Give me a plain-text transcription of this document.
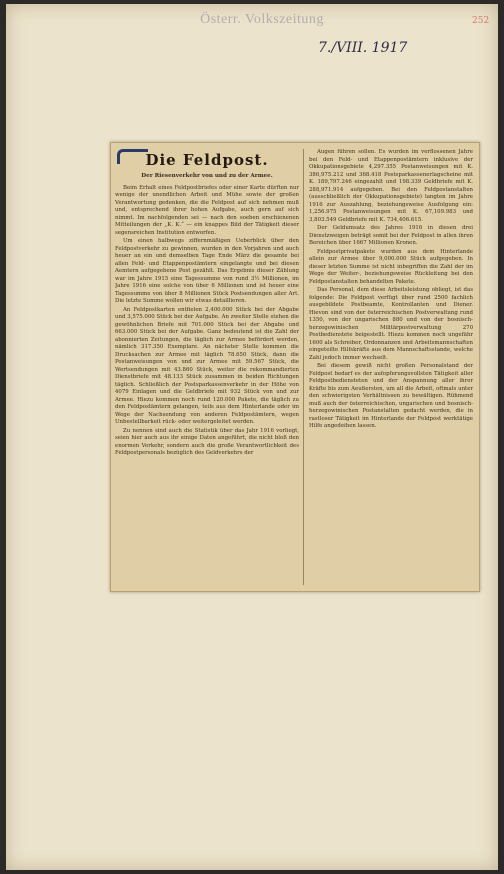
Österr. Volkszeitung	252
7./VIII. 1917
Die Feldpost.
Der Riesenverkehr von und zu der Armee.

Beim Erhalt eines Feldpostbriefes oder einer Karte dürften nur wenige der unendlichen Arbeit und Mühe sowie der großen Verantwortung gedenken, die die Feldpost auf sich nehmen muß und, entsprechend ihrer hohen Aufgabe, auch gern auf sich nimmt. Im nachfolgenden sei — nach den soeben erschienenen Mitteilungen der „K. K.“ — ein knappes Bild der Tätigkeit dieser segensreichen Institution entworfen.

Um einen halbwegs ziffernmäßigen Ueberblick über den Feldpostverkehr zu gewinnen, wurden in den Vorjahren und auch heuer an ein und demselben Tage Ende März die gesamte bei allen Feld- und Etappenpostämtern eingelangte und bei diesen Aemtern aufgegebene Post gezählt. Das Ergebnis dieser Zählung war im Jahre 1915 eine Tagessumme von rund 3½ Millionen, im Jahre 1916 eine solche von über 6 Millionen und ist heuer eine Tagessumme von über 8 Millionen Stück Postsendungen aller Art. Die letzte Summe wollen wir etwas detaillieren.

An Feldpostkarten entfielen 2,400.000 Stück bei der Abgabe und 3,575.000 Stück bei der Aufgabe. An zweiter Stelle stehen die gewöhnlichen Briefe mit 701.000 Stück bei der Abgabe und 663.000 Stück bei der Aufgabe. Ganz bedeutend ist die Zahl der abonnierten Zeitungen, die täglich zur Armee befördert werden, nämlich 317.350 Exemplare. An nächster Stelle kommen die Drucksachen zur Armee mit täglich 78.650 Stück, dann die Postanweisungen von und zur Armee mit 59.567 Stück, die Wertsendungen mit 43.860 Stück, weiter die rekommandierten Dienstbriefe mit 48.133 Stück zusammen in beiden Richtungen täglich. Schließlich der Postsparkassenverkehr in der Höhe von 4079 Einlagen und die Geldbriefe mit 932 Stück von und zur Armee. Hiezu kommen noch rund 120.000 Pakete, die täglich zu den Feldpostämtern gelangen, teils aus dem Hinterlande oder im Wege der Nachsendung von anderen Feldpostämtern, wegen Unbestellbarkeit rück- oder weitergeleitet werden.

Zu nennen sind auch die Statistik über das Jahr 1916 vorliegt, seien hier auch aus ihr einige Daten angeführt, die nicht bloß den enormen Verkehr, sondern auch die große Verantwortlichkeit des Feldpostpersonals bezüglich des Geldverkehrs der

Augen führen sollen. Es wurden im verflossenen Jahre bei den Feld- und Etappenpostämtern inklusive der Okkupationsgebiete 4,297.355 Postanweisungen mit K. 386,975.212 und 368.418 Postsparkassenerlagscheine mit K. 189,797.246 eingezahlt und 198.339 Geldbriefe mit K. 288,971.914 aufgegeben. Bei den Feldpostanstalten (ausschließlich der Okkupationsgebiete) langten im Jahre 1916 zur Auszahlung, beziehungsweise Ausfolgung ein: 1,256.975 Postanweisungen mit K. 67,109.983 und 3,803.549 Geldbriefe mit K. 734,406.615.

Der Geldumsatz des Jahres 1916 in diesen drei Dienstzweigen beträgt somit bei der Feldpost in allen ihren Bereichen über 1667 Millionen Kronen.

Feldpostprivatpakete wurden aus dem Hinterlande allein zur Armee über 9,000.000 Stück aufgegeben. In dieser letzten Summe ist nicht inbegriffen die Zahl der im Wege der Weiter-, beziehungsweise Rückleitung bei den Feldpostanstalten behandelten Pakete.

Das Personal, dem diese Arbeitsleistung obliegt, ist das folgende: Die Feldpost verfügt über rund 2500 fachlich ausgebildete Postbeamte, Kontrollanten und Diener. Hievon sind von der österreichischen Postverwaltung rund 1350, von der ungarischen 880 und von der bosnisch-herzegowinischen Militärpostverwaltung 270 Postbedienstete beigestellt. Hiezu kommen noch ungefähr 1600 als Schreiber, Ordonnanzen und Arbeitsmannschaften eingeteilte Hilfskräfte aus dem Mannschaftsstande, welche Zahl jedoch immer wechselt.

Bei diesem gewiß nicht großen Personalstand der Feldpost bedarf es der aufopferungsvollsten Tätigkeit aller Feldpostbediensteten und der Anspannung aller ihrer Kräfte bis zum Aeußersten, um all die Arbeit, oftmals unter den schwierigsten Verhältnissen zu bewältigen. Rühmend muß auch der österreichischen, ungarischen und bosnisch-herzegowinischen Postanstalten gedacht werden, die in rastloser Tätigkeit im Hinterlande der Feldpost werktätige Hilfe angedeihen lassen.
